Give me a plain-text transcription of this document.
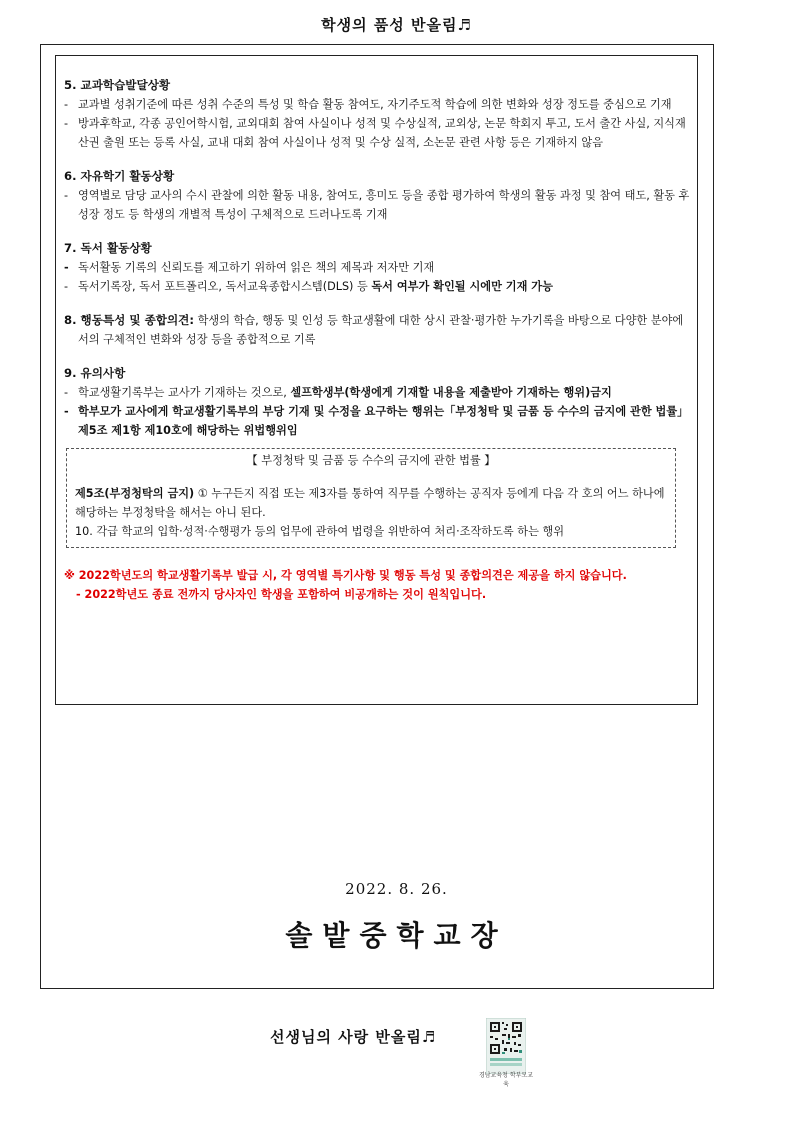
학생의 품성 반올림♬
5. 교과학습발달상황
- 교과별 성취기준에 따른 성취 수준의 특성 및 학습 활동 참여도, 자기주도적 학습에 의한 변화와 성장 정도를 중심으로 기재
- 방과후학교, 각종 공인어학시험, 교외대회 참여 사실이나 성적 및 수상실적, 교외상, 논문 학회지 투고, 도서 출간 사실, 지식재산권 출원 또는 등록 사실, 교내 대회 참여 사실이나 성적 및 수상 실적, 소논문 관련 사항 등은 기재하지 않음
6. 자유학기 활동상황
- 영역별로 담당 교사의 수시 관찰에 의한 활동 내용, 참여도, 흥미도 등을 종합 평가하여 학생의 활동 과정 및 참여 태도, 활동 후 성장 정도 등 학생의 개별적 특성이 구체적으로 드러나도록 기재
7. 독서 활동상황
- 독서활동 기록의 신뢰도를 제고하기 위하여 읽은 책의 제목과 저자만 기재
- 독서기록장, 독서 포트폴리오, 독서교육종합시스템(DLS) 등 독서 여부가 확인될 시에만 기재 가능
8. 행동특성 및 종합의견: 학생의 학습, 행동 및 인성 등 학교생활에 대한 상시 관찰·평가한 누가기록을 바탕으로 다양한 분야에서의 구체적인 변화와 성장 등을 종합적으로 기록
9. 유의사항
- 학교생활기록부는 교사가 기재하는 것으로, 셀프학생부(학생에게 기재할 내용을 제출받아 기재하는 행위)금지
- 학부모가 교사에게 학교생활기록부의 부당 기재 및 수정을 요구하는 행위는「부정청탁 및 금품 등 수수의 금지에 관한 법률」제5조 제1항 제10호에 해당하는 위법행위임
【 부정청탁 및 금품 등 수수의 금지에 관한 법률 】
제5조(부정청탁의 금지) ① 누구든지 직접 또는 제3자를 통하여 직무를 수행하는 공직자 등에게 다음 각 호의 어느 하나에 해당하는 부정청탁을 해서는 아니 된다.
10. 각급 학교의 입학·성적·수행평가 등의 업무에 관하여 법령을 위반하여 처리·조작하도록 하는 행위
※ 2022학년도의 학교생활기록부 발급 시, 각 영역별 특기사항 및 행동 특성 및 종합의견은 제공을 하지 않습니다.
- 2022학년도 종료 전까지 당사자인 학생을 포함하여 비공개하는 것이 원칙입니다.
2022. 8. 26.
솔밭중학교장
선생님의 사랑 반올림♬
경남교육청 학부모교육
